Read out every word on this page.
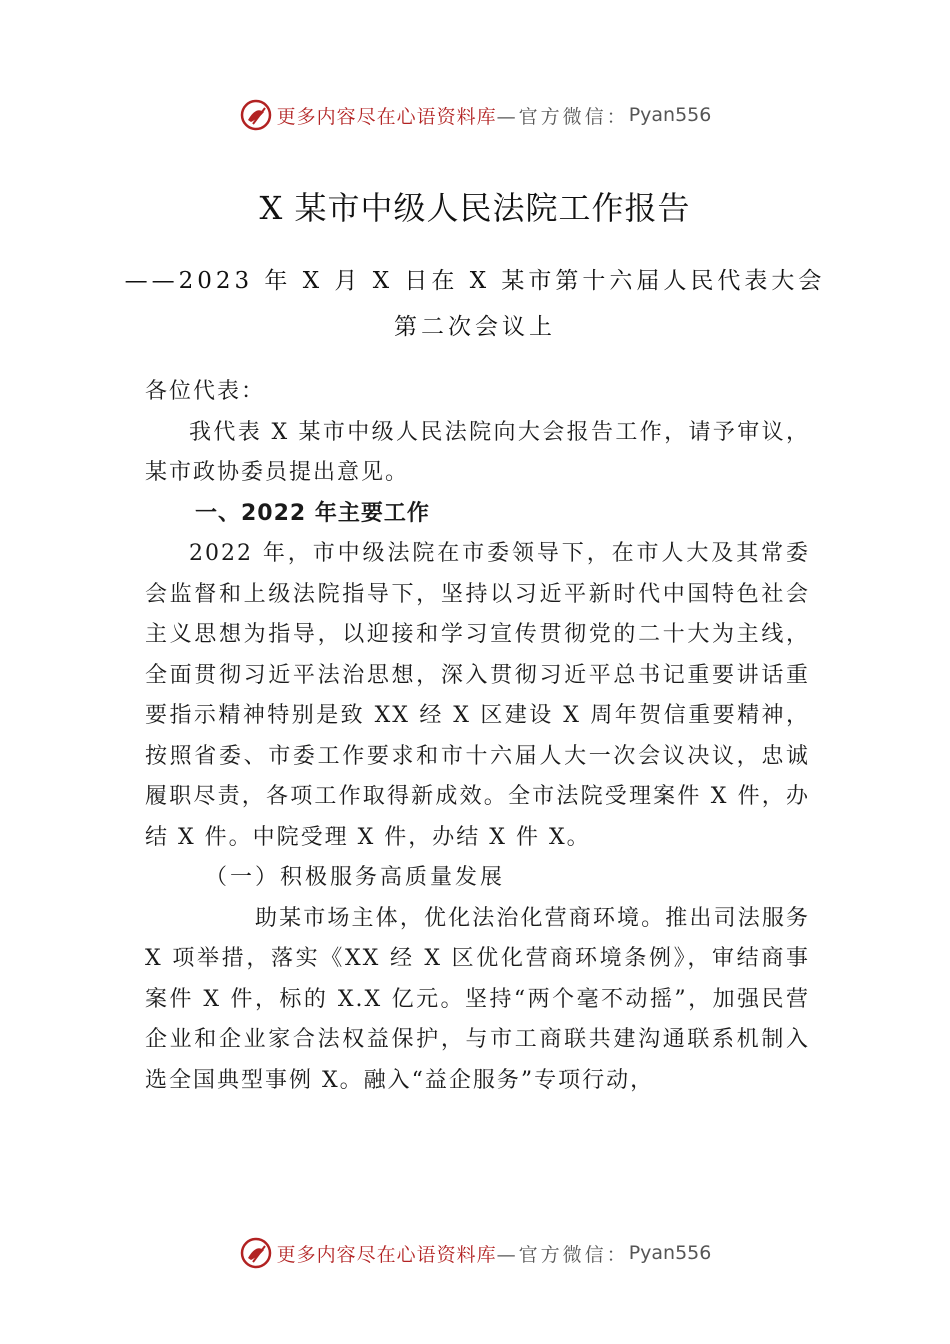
更多内容尽在心语资料库 —官方微信： Pyan556
X 某市中级人民法院工作报告
——2023 年 X 月 X 日在 X 某市第十六届人民代表大会
第二次会议上

各位代表：

我代表 X 某市中级人民法院向大会报告工作，请予审议，某市政协委员提出意见。

一、2022 年主要工作

2022 年，市中级法院在市委领导下，在市人大及其常委会监督和上级法院指导下，坚持以习近平新时代中国特色社会主义思想为指导，以迎接和学习宣传贯彻党的二十大为主线，全面贯彻习近平法治思想，深入贯彻习近平总书记重要讲话重要指示精神特别是致 XX 经 X 区建设 X 周年贺信重要精神，按照省委、市委工作要求和市十六届人大一次会议决议，忠诚履职尽责，各项工作取得新成效。全市法院受理案件 X 件，办结 X 件。中院受理 X 件，办结 X 件 X。

（一）积极服务高质量发展

助某市场主体，优化法治化营商环境。推出司法服务 X 项举措，落实《XX 经 X 区优化营商环境条例》，审结商事案件 X 件，标的 X.X 亿元。坚持“两个毫不动摇”，加强民营企业和企业家合法权益保护，与市工商联共建沟通联系机制入选全国典型事例 X。融入“益企服务”专项行动，

更多内容尽在心语资料库 —官方微信： Pyan556
